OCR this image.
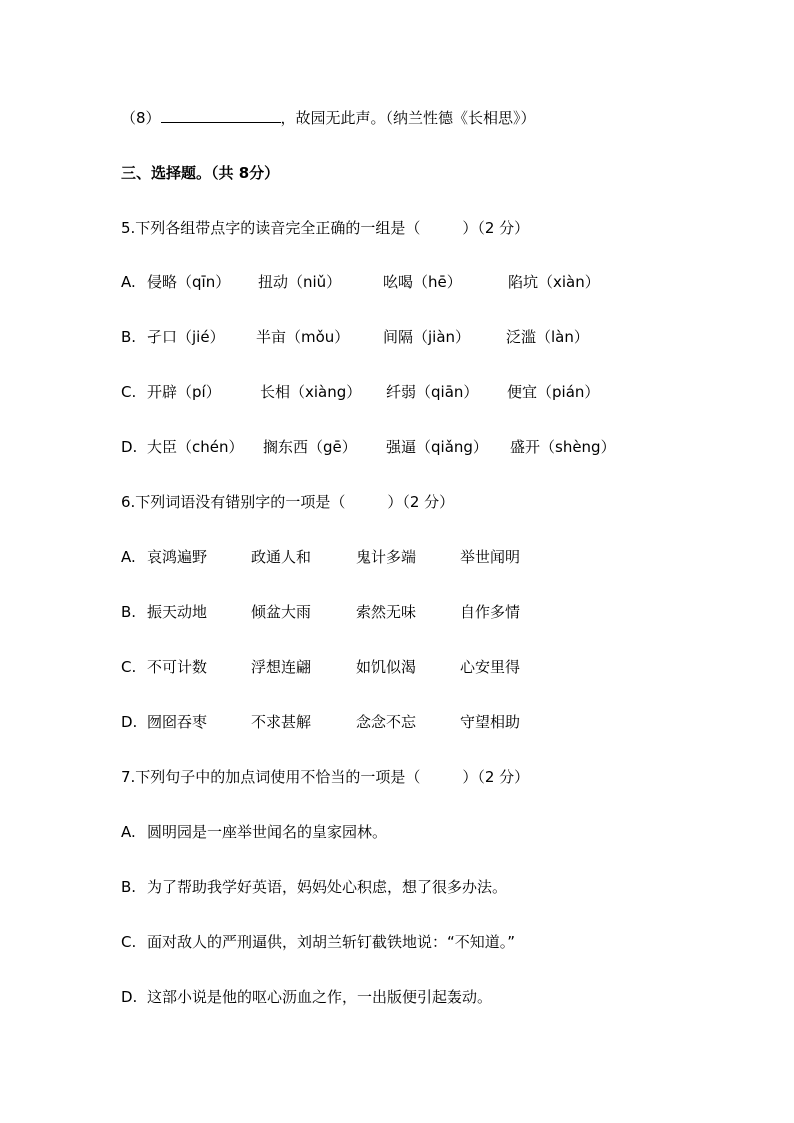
（8）	，故园无此声。（纳兰性德《长相思》）
三、选择题。（共 8分）
5.下列各组带点字的读音完全正确的一组是（	）（2 分）
A. 侵略（qīn） 扭动（niǔ）	吆喝（hē）	陷坑（xiàn）
B. 孑口（jié） 半亩（mǒu） 间隔（jiàn） 泛滥（làn）
C. 开辟（pí）	长相（xiàng） 纤弱（qiān） 便宜（pián）
D. 大臣（chén） 搁东西（gē） 强逼（qiǎng） 盛开（shèng）
6.下列词语没有错别字的一项是（	）（2 分）
A. 哀鸿遍野	政通人和	鬼计多端	举世闻明
B. 振天动地	倾盆大雨	索然无味	自作多情
C. 不可计数	浮想连翩	如饥似渴	心安里得
D. 囫囵吞枣	不求甚解	念念不忘	守望相助
7.下列句子中的加点词使用不恰当的一项是（	）（2 分）
A. 圆明园是一座举世闻名的皇家园林。
B. 为了帮助我学好英语，妈妈处心积虑，想了很多办法。
C. 面对敌人的严刑逼供，刘胡兰斩钉截铁地说：“不知道。”
D. 这部小说是他的呕心沥血之作，一出版便引起轰动。
